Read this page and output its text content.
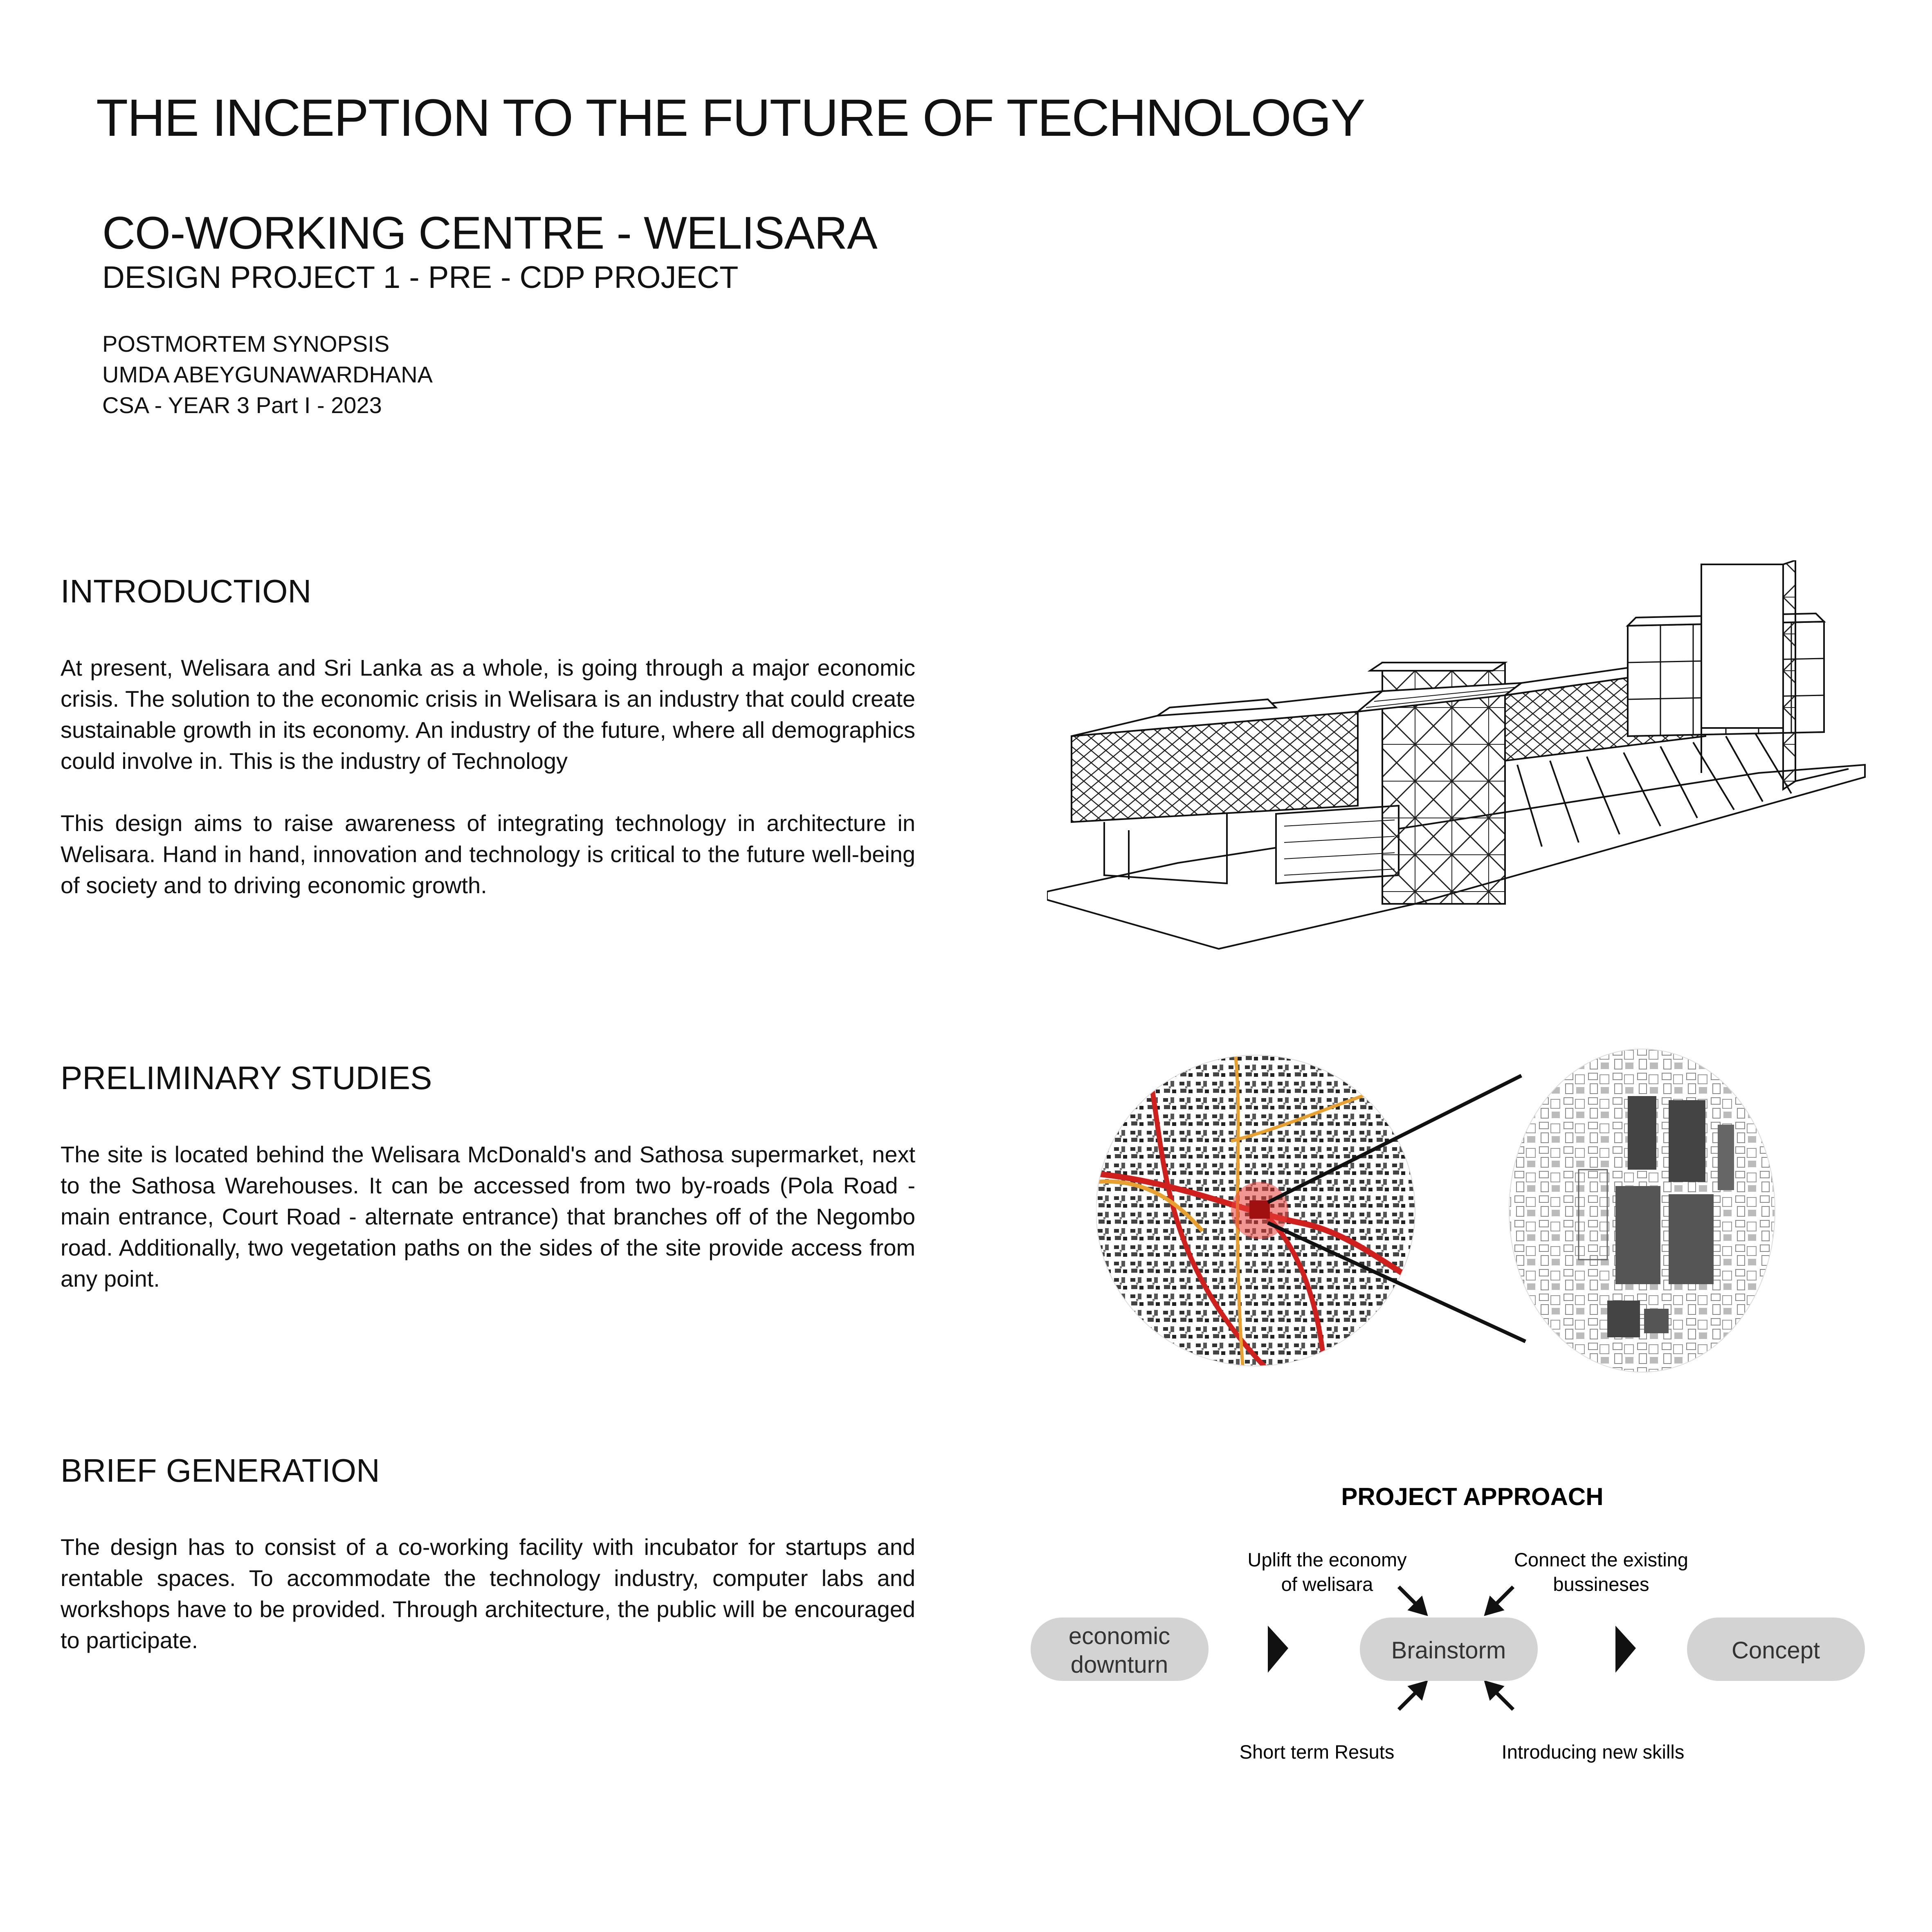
THE INCEPTION TO THE FUTURE OF TECHNOLOGY
CO-WORKING CENTRE - WELISARA
DESIGN PROJECT 1 - PRE - CDP PROJECT
POSTMORTEM SYNOPSIS
UMDA ABEYGUNAWARDHANA
CSA - YEAR 3 Part I - 2023
INTRODUCTION

At present, Welisara and Sri Lanka as a whole, is going through a major economic crisis. The solution to the economic crisis in Welisara is an industry that could create sustainable growth in its economy. An industry of the future, where all demographics could involve in. This is the industry of Technology

This design aims to raise awareness of integrating technology in architecture in Welisara. Hand in hand, innovation and technology is critical to the future well-being of society and to driving economic growth.

PRELIMINARY STUDIES

The site is located behind the Welisara McDonald's and Sathosa supermarket, next to the Sathosa Warehouses. It can be accessed from two by-roads (Pola Road - main entrance, Court Road - alternate entrance) that branches off of the Negombo road. Additionally, two vegetation paths on the sides of the site provide access from any point.

BRIEF GENERATION

The design has to consist of a co-working facility with incubator for startups and rentable spaces. To accommodate the technology industry, computer labs and workshops have to be provided. Through architecture, the public will be encouraged to participate.

PROJECT APPROACH
Uplift the economy
of welisara
Connect the existing
bussineses
economic
downturn
Brainstorm	Concept
Short term Resuts	Introducing new skills
